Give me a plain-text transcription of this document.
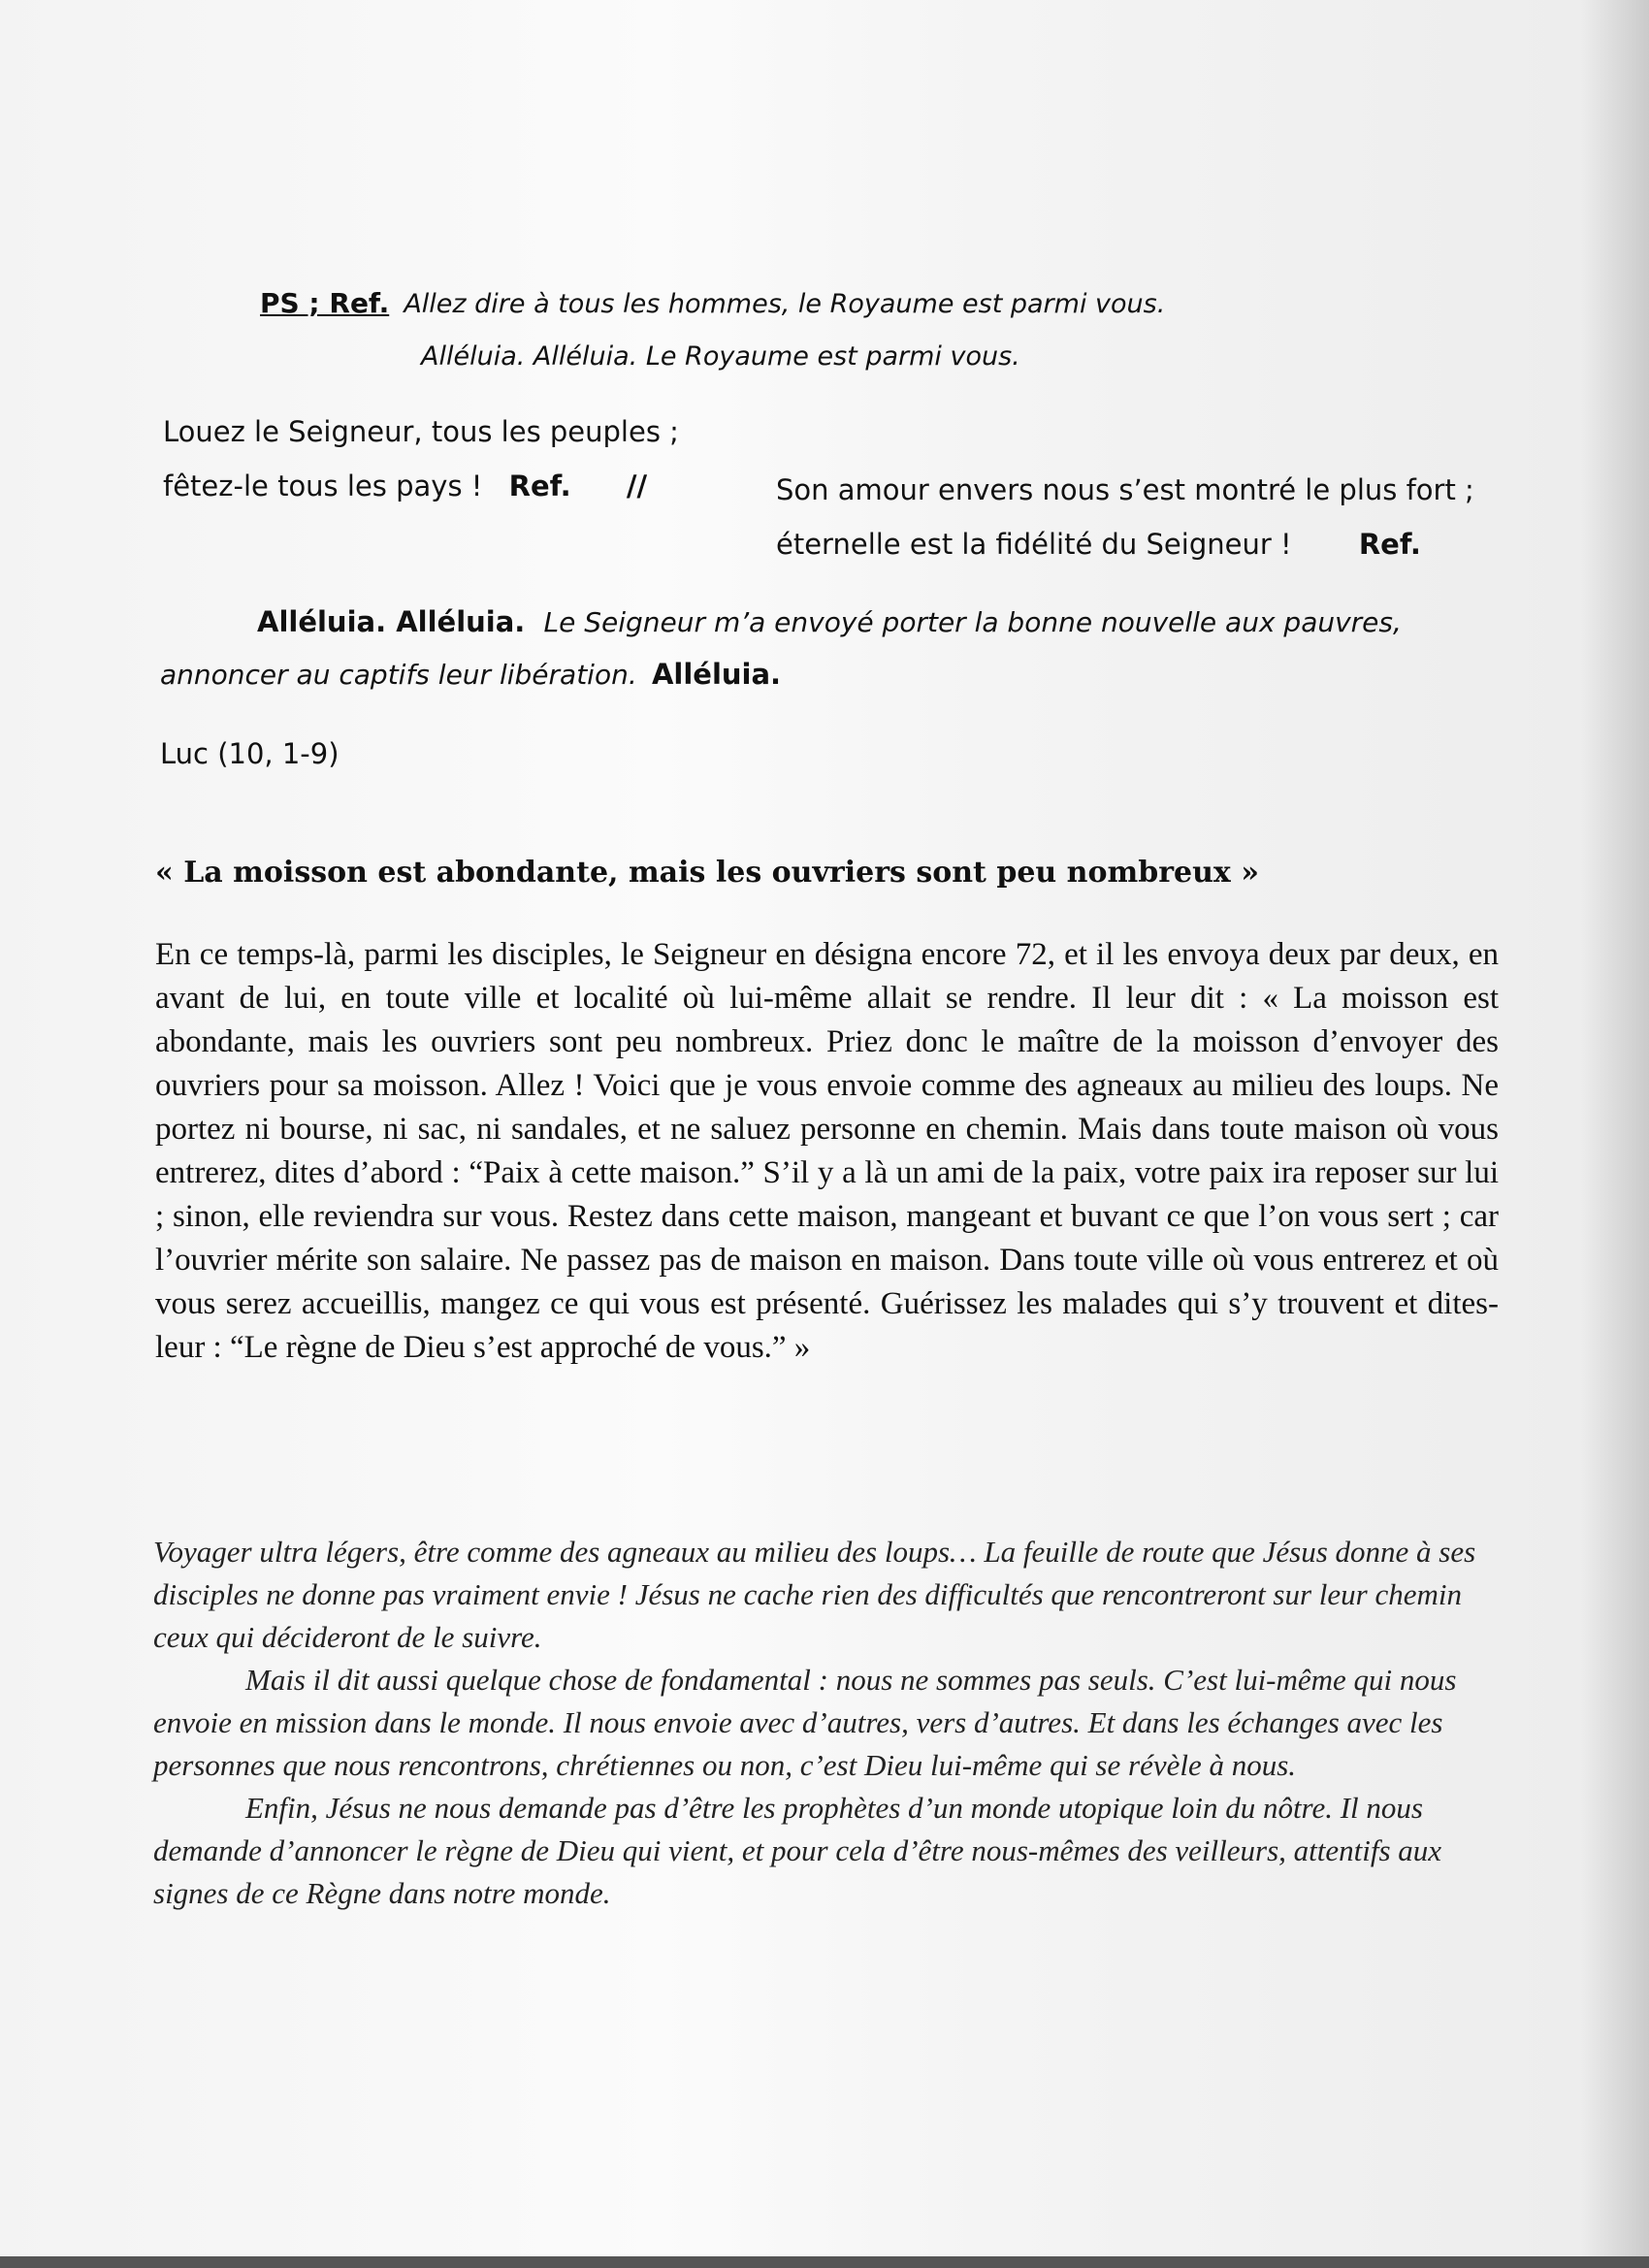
PS ; Ref. Allez dire à tous les hommes, le Royaume est parmi vous.
Alléluia. Alléluia. Le Royaume est parmi vous.
Louez le Seigneur, tous les peuples ;
fêtez-le tous les pays ! Ref. //	Son amour envers nous s’est montré le plus fort ;
éternelle est la fidélité du Seigneur ! Ref.
Alléluia. Alléluia. Le Seigneur m’a envoyé porter la bonne nouvelle aux pauvres,
annoncer au captifs leur libération. Alléluia.
Luc (10, 1-9)
« La moisson est abondante, mais les ouvriers sont peu nombreux »
En ce temps-là, parmi les disciples, le Seigneur en désigna encore 72, et il les envoya deux par deux, en avant de lui, en toute ville et localité où lui-même allait se rendre. Il leur dit : « La moisson est abondante, mais les ouvriers sont peu nombreux. Priez donc le maître de la moisson d’envoyer des ouvriers pour sa moisson. Allez ! Voici que je vous envoie comme des agneaux au milieu des loups. Ne portez ni bourse, ni sac, ni sandales, et ne saluez personne en chemin. Mais dans toute maison où vous entrerez, dites d’abord : “Paix à cette maison.” S’il y a là un ami de la paix, votre paix ira reposer sur lui ; sinon, elle reviendra sur vous. Restez dans cette maison, mangeant et buvant ce que l’on vous sert ; car l’ouvrier mérite son salaire. Ne passez pas de maison en maison. Dans toute ville où vous entrerez et où vous serez accueillis, mangez ce qui vous est présenté. Guérissez les malades qui s’y trouvent et dites-leur : “Le règne de Dieu s’est approché de vous.” »

Voyager ultra légers, être comme des agneaux au milieu des loups… La feuille de route que Jésus donne à ses disciples ne donne pas vraiment envie ! Jésus ne cache rien des difficultés que rencontreront sur leur chemin ceux qui décideront de le suivre.

Mais il dit aussi quelque chose de fondamental : nous ne sommes pas seuls. C’est lui-même qui nous envoie en mission dans le monde. Il nous envoie avec d’autres, vers d’autres. Et dans les échanges avec les personnes que nous rencontrons, chrétiennes ou non, c’est Dieu lui-même qui se révèle à nous.

Enfin, Jésus ne nous demande pas d’être les prophètes d’un monde utopique loin du nôtre. Il nous demande d’annoncer le règne de Dieu qui vient, et pour cela d’être nous-mêmes des veilleurs, attentifs aux signes de ce Règne dans notre monde.
